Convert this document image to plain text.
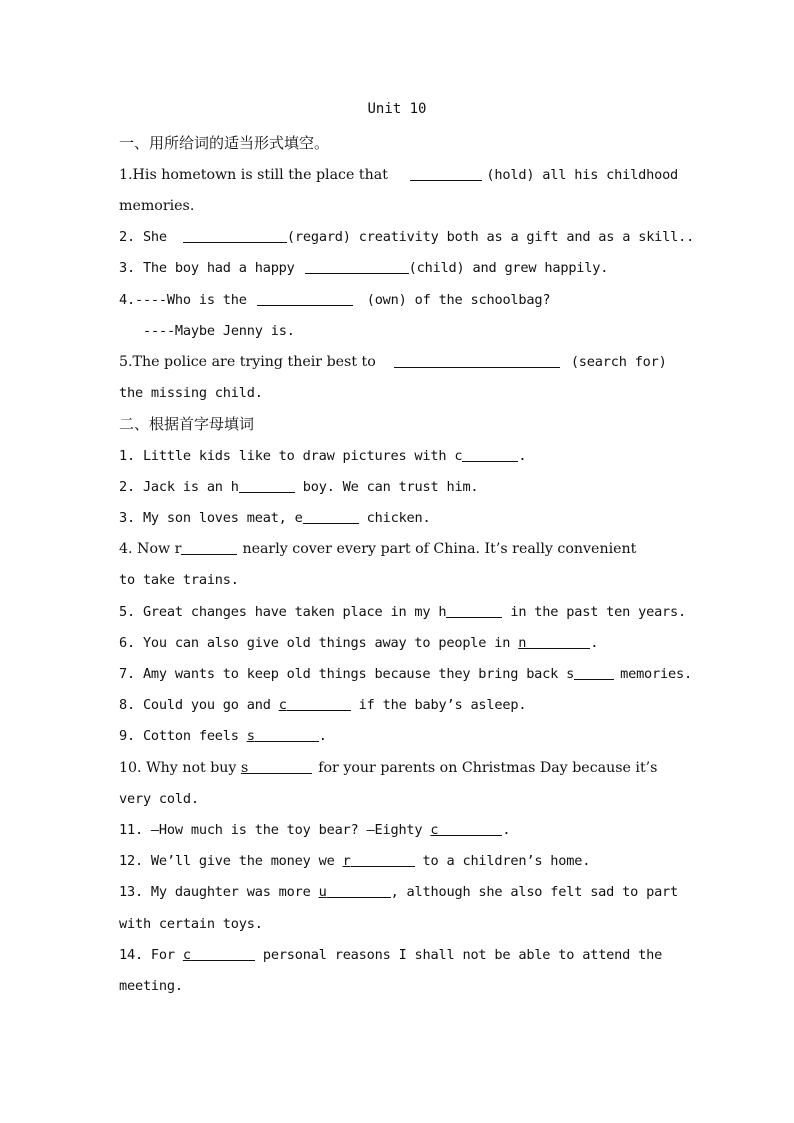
Unit 10
一、用所给词的适当形式填空。
1.His hometown is still the place that	(hold) all his childhood
memories.
2. She	(regard) creativity both as a gift and as a skill..
3. The boy had a happy	(child) and grew happily.
4.----Who is the	(own) of the schoolbag?
----Maybe Jenny is.
5.The police are trying their best to	(search for)
the missing child.
二、根据首字母填词
1. Little kids like to draw pictures with c	.
2. Jack is an h	boy. We can trust him.
3. My son loves meat, e	chicken.
4. Now r	nearly cover every part of China. It’s really convenient
to take trains.
5. Great changes have taken place in my h	in the past ten years.
6. You can also give old things away to people in n	.
7. Amy wants to keep old things because they bring back s	memories.
8. Could you go and c	if the baby’s asleep.
9. Cotton feels s	.
10. Why not buy s	for your parents on Christmas Day because it’s
very cold.
11. —How much is the toy bear? —Eighty c	.
12. We’ll give the money we r	to a children’s home.
13. My daughter was more u	, although she also felt sad to part
with certain toys.
14. For c	personal reasons I shall not be able to attend the
meeting.
